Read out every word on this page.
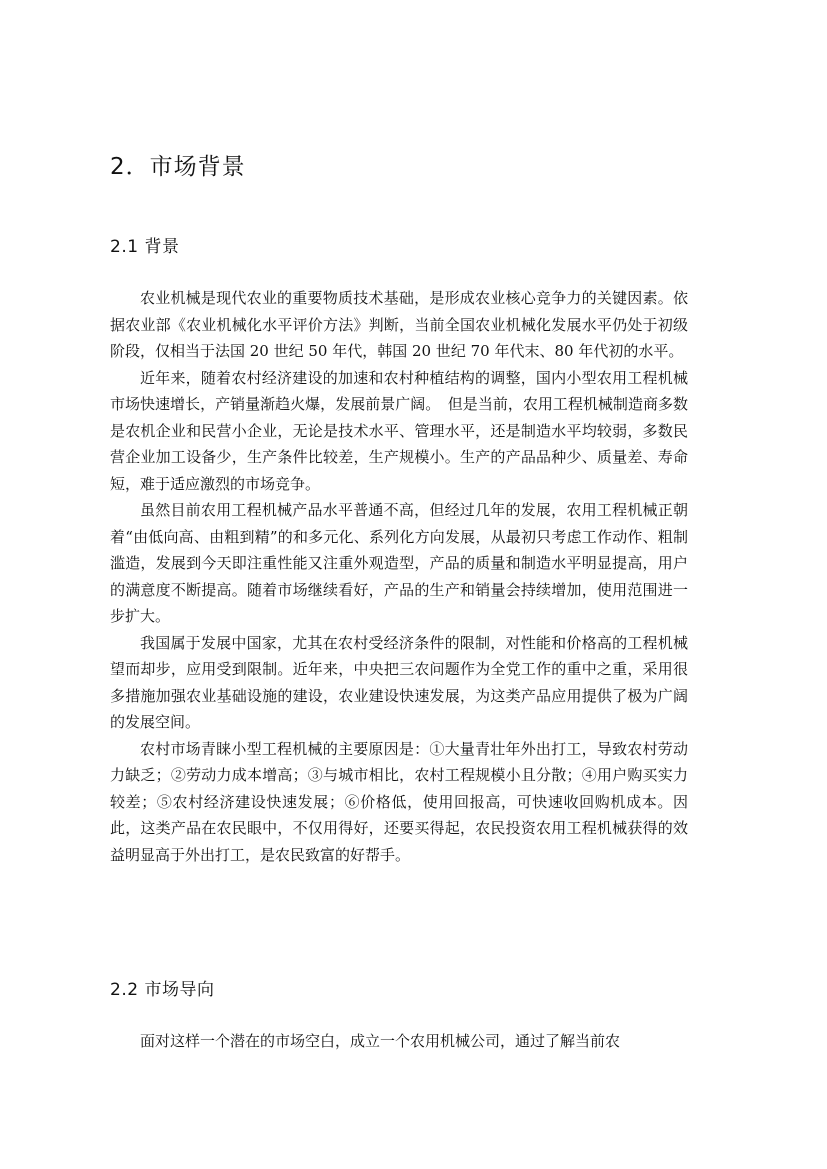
2．市场背景
2.1 背景

农业机械是现代农业的重要物质技术基础，是形成农业核心竞争力的关键因素。依据农业部《农业机械化水平评价方法》判断，当前全国农业机械化发展水平仍处于初级阶段，仅相当于法国 20 世纪 50 年代，韩国 20 世纪 70 年代末、80 年代初的水平。

近年来，随着农村经济建设的加速和农村种植结构的调整，国内小型农用工程机械市场快速增长，产销量渐趋火爆，发展前景广阔。　但是当前，农用工程机械制造商多数是农机企业和民营小企业，无论是技术水平、管理水平，还是制造水平均较弱，多数民营企业加工设备少，生产条件比较差，生产规模小。生产的产品品种少、质量差、寿命短，难于适应激烈的市场竞争。

虽然目前农用工程机械产品水平普通不高，但经过几年的发展，农用工程机械正朝着“由低向高、由粗到精”的和多元化、系列化方向发展，从最初只考虑工作动作、粗制滥造，发展到今天即注重性能又注重外观造型，产品的质量和制造水平明显提高，用户的满意度不断提高。随着市场继续看好，产品的生产和销量会持续增加，使用范围进一步扩大。

我国属于发展中国家，尤其在农村受经济条件的限制，对性能和价格高的工程机械望而却步，应用受到限制。近年来，中央把三农问题作为全党工作的重中之重，采用很多措施加强农业基础设施的建设，农业建设快速发展，为这类产品应用提供了极为广阔的发展空间。

农村市场青睐小型工程机械的主要原因是：①大量青壮年外出打工，导致农村劳动力缺乏；②劳动力成本增高；③与城市相比，农村工程规模小且分散；④用户购买实力较差；⑤农村经济建设快速发展；⑥价格低，使用回报高，可快速收回购机成本。因此，这类产品在农民眼中，不仅用得好，还要买得起，农民投资农用工程机械获得的效益明显高于外出打工，是农民致富的好帮手。

2.2 市场导向

面对这样一个潜在的市场空白，成立一个农用机械公司，通过了解当前农
